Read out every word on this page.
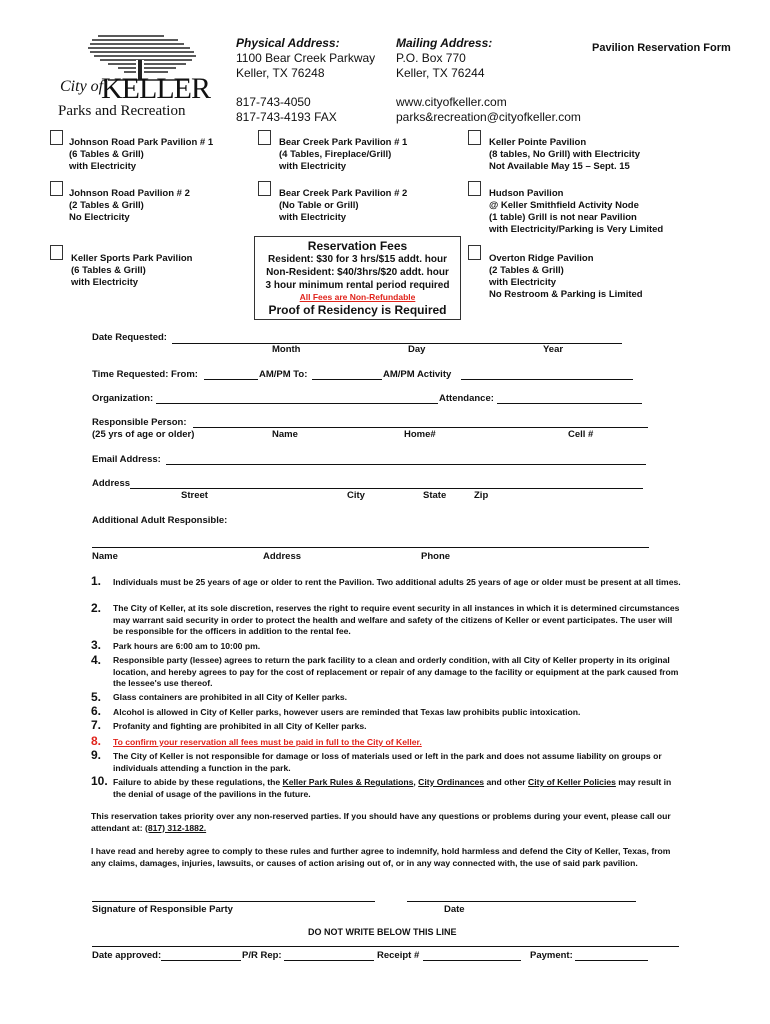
City of
KELLER
Parks and Recreation
Physical Address:
1100 Bear Creek Parkway
Keller, TX 76248
817-743-4050
817-743-4193 FAX
Mailing Address:
P.O. Box 770
Keller, TX 76244
www.cityofkeller.com
parks&recreation@cityofkeller.com
Pavilion Reservation Form
Johnson Road Park Pavilion # 1
(6 Tables & Grill)
with Electricity
Bear Creek Park Pavilion # 1
(4 Tables, Fireplace/Grill)
with Electricity
Keller Pointe Pavilion
(8 tables, No Grill) with Electricity
Not Available May 15 – Sept. 15
Johnson Road Pavilion # 2
(2 Tables & Grill)
No Electricity
Bear Creek Park Pavilion # 2
(No Table or Grill)
with Electricity
Hudson Pavilion
@ Keller Smithfield Activity Node
(1 table) Grill is not near Pavilion
with Electricity/Parking is Very Limited
Keller Sports Park Pavilion
(6 Tables & Grill)
with Electricity
Overton Ridge Pavilion
(2 Tables & Grill)
with Electricity
No Restroom & Parking is Limited
Reservation Fees
Resident: $30 for 3 hrs/$15 addt. hour
Non-Resident: $40/3hrs/$20 addt. hour
3 hour minimum rental period required
All Fees are Non-Refundable
Proof of Residency is Required
Date Requested:
Month	Day	Year
Time Requested: From:	AM/PM To:	AM/PM Activity
Organization:	Attendance:
Responsible Person:
(25 yrs of age or older)	Name	Home#	Cell #
Email Address:
Address
Street	City	State	Zip
Additional Adult Responsible:
Name	Address	Phone
1. Individuals must be 25 years of age or older to rent the Pavilion. Two additional adults 25 years of age or older must be present at all times.
2. The City of Keller, at its sole discretion, reserves the right to require event security in all instances in which it is determined circumstances may warrant said security in order to protect the health and welfare and safety of the citizens of Keller or event participates. The user will be responsible for the officers in addition to the rental fee.
3. Park hours are 6:00 am to 10:00 pm.
4. Responsible party (lessee) agrees to return the park facility to a clean and orderly condition, with all City of Keller property in its original location, and hereby agrees to pay for the cost of replacement or repair of any damage to the facility or equipment at the park caused from the lessee's use thereof.
5. Glass containers are prohibited in all City of Keller parks.
6. Alcohol is allowed in City of Keller parks, however users are reminded that Texas law prohibits public intoxication.
7. Profanity and fighting are prohibited in all City of Keller parks.
8. To confirm your reservation all fees must be paid in full to the City of Keller.
9. The City of Keller is not responsible for damage or loss of materials used or left in the park and does not assume liability on groups or individuals attending a function in the park.
10. Failure to abide by these regulations, the Keller Park Rules & Regulations, City Ordinances and other City of Keller Policies may result in the denial of usage of the pavilions in the future.
This reservation takes priority over any non-reserved parties. If you should have any questions or problems during your event, please call our attendant at: (817) 312-1882.
I have read and hereby agree to comply to these rules and further agree to indemnify, hold harmless and defend the City of Keller, Texas, from any claims, damages, injuries, lawsuits, or causes of action arising out of, or in any way connected with, the use of said park pavilion.
Signature of Responsible Party	Date
DO NOT WRITE BELOW THIS LINE
Date approved:	P/R Rep:	Receipt #	Payment:
